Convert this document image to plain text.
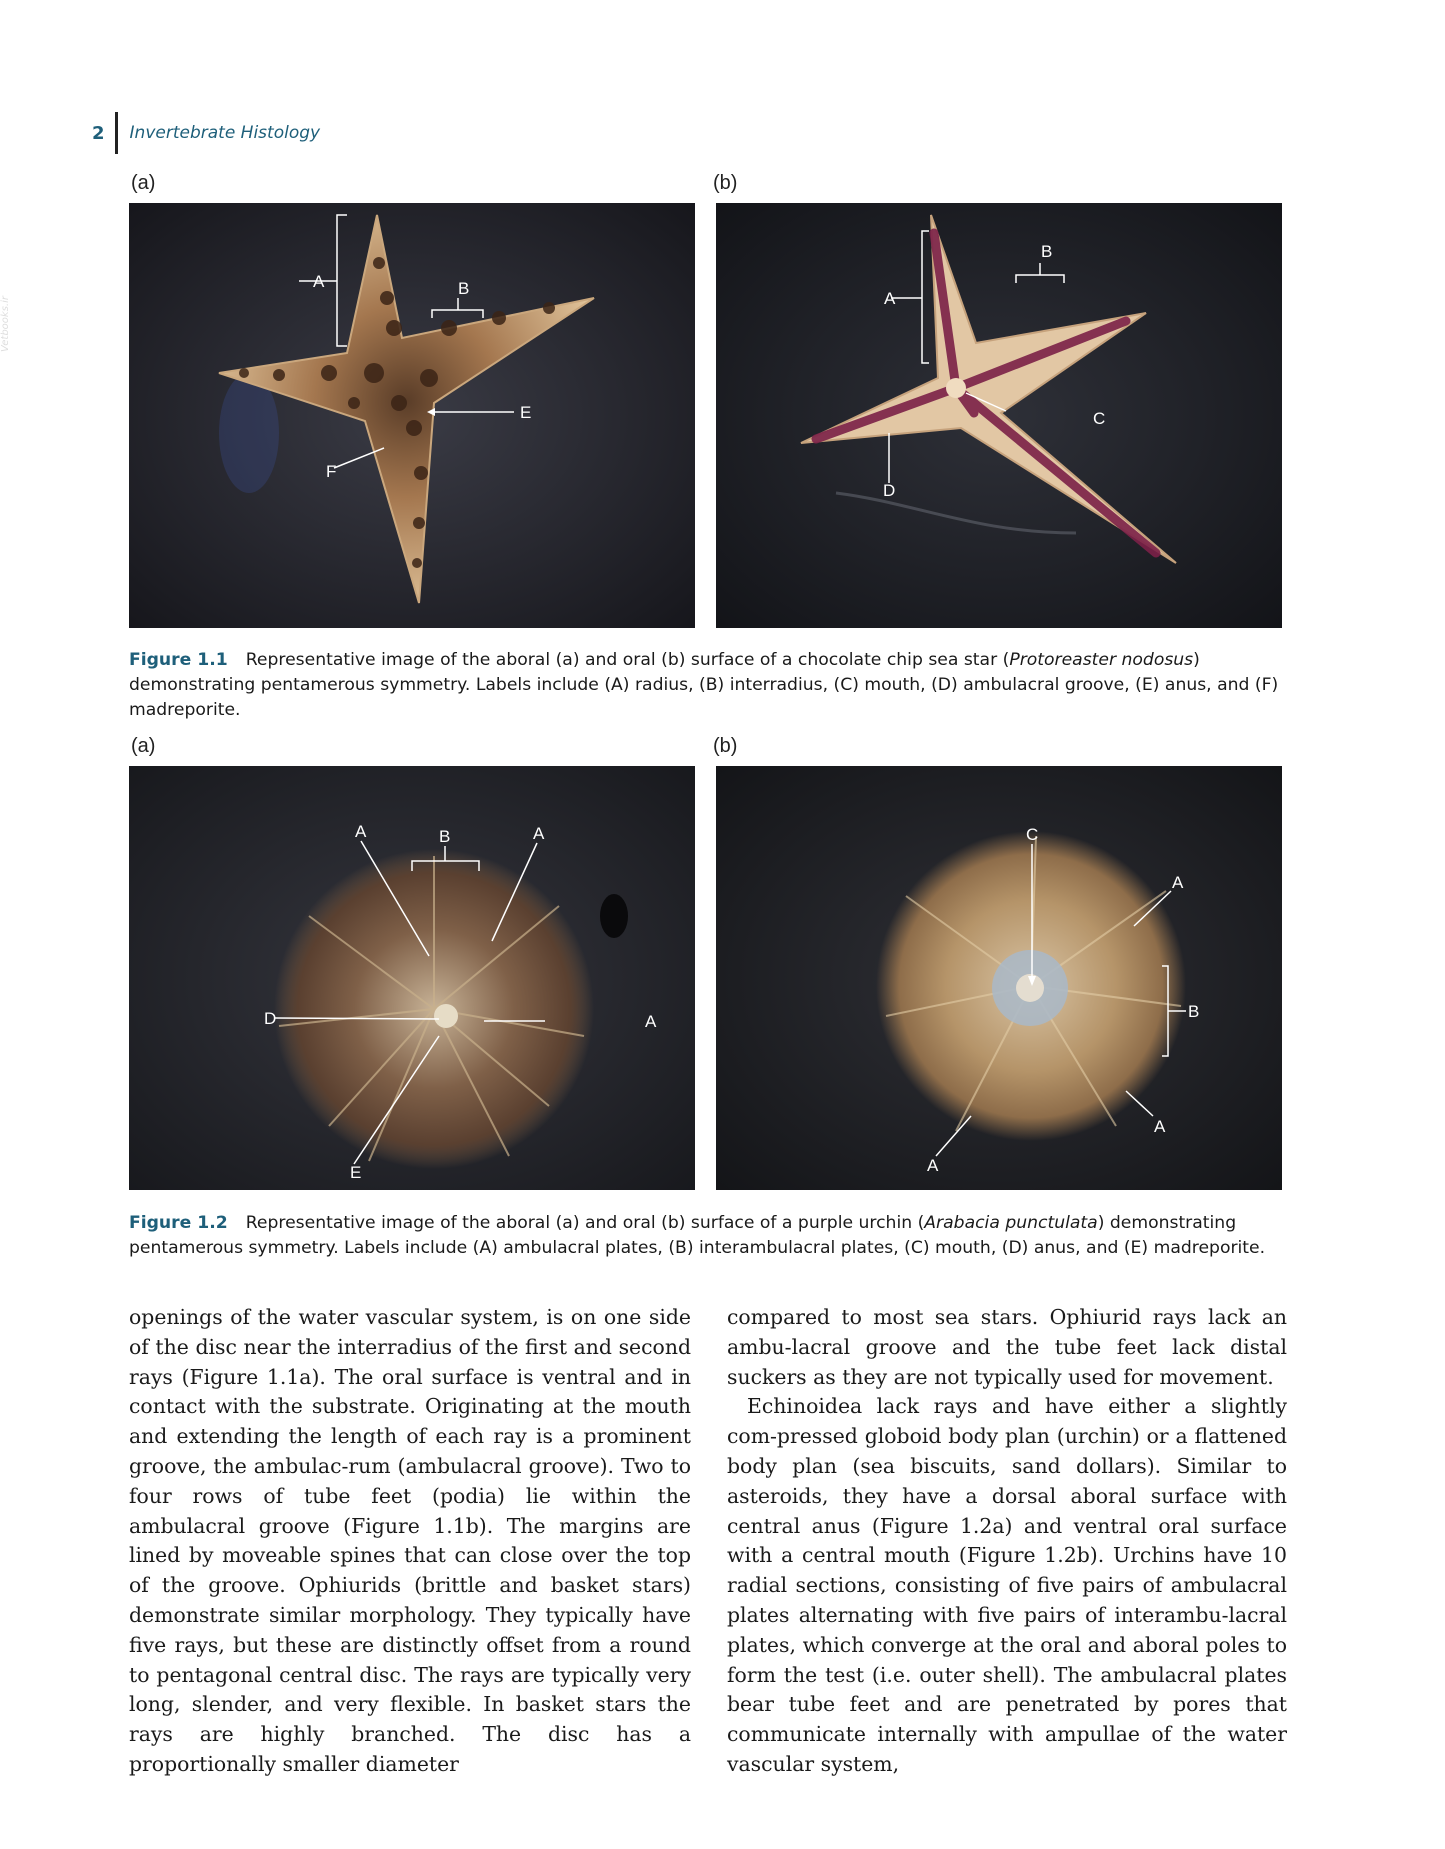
2 Invertebrate Histology
Vetbooks.ir
(a)	(b)
A	B
E
F
A
B
C
D
Figure 1.1 Representative image of the aboral (a) and oral (b) surface of a chocolate chip sea star (Protoreaster nodosus) demonstrating pentamerous symmetry. Labels include (A) radius, (B) interradius, (C) mouth, (D) ambulacral groove, (E) anus, and (F) madreporite.
(a)	(b)
A	B	A
D	A
E
C
A
B
A
A
Figure 1.2 Representative image of the aboral (a) and oral (b) surface of a purple urchin (Arabacia punctulata) demonstrating pentamerous symmetry. Labels include (A) ambulacral plates, (B) interambulacral plates, (C) mouth, (D) anus, and (E) madreporite.

openings of the water vascular system, is on one side of the disc near the interradius of the first and second rays (Figure 1.1a). The oral surface is ventral and in contact with the substrate. Originating at the mouth and extending the length of each ray is a prominent groove, the ambulac-rum (ambulacral groove). Two to four rows of tube feet (podia) lie within the ambulacral groove (Figure 1.1b). The margins are lined by moveable spines that can close over the top of the groove. Ophiurids (brittle and basket stars) demonstrate similar morphology. They typically have five rays, but these are distinctly offset from a round to pentagonal central disc. The rays are typically very long, slender, and very flexible. In basket stars the rays are highly branched. The disc has a proportionally smaller diameter

compared to most sea stars. Ophiurid rays lack an ambu-lacral groove and the tube feet lack distal suckers as they are not typically used for movement.

Echinoidea lack rays and have either a slightly com-pressed globoid body plan (urchin) or a flattened body plan (sea biscuits, sand dollars). Similar to asteroids, they have a dorsal aboral surface with central anus (Figure 1.2a) and ventral oral surface with a central mouth (Figure 1.2b). Urchins have 10 radial sections, consisting of five pairs of ambulacral plates alternating with five pairs of interambu-lacral plates, which converge at the oral and aboral poles to form the test (i.e. outer shell). The ambulacral plates bear tube feet and are penetrated by pores that communicate internally with ampullae of the water vascular system,
